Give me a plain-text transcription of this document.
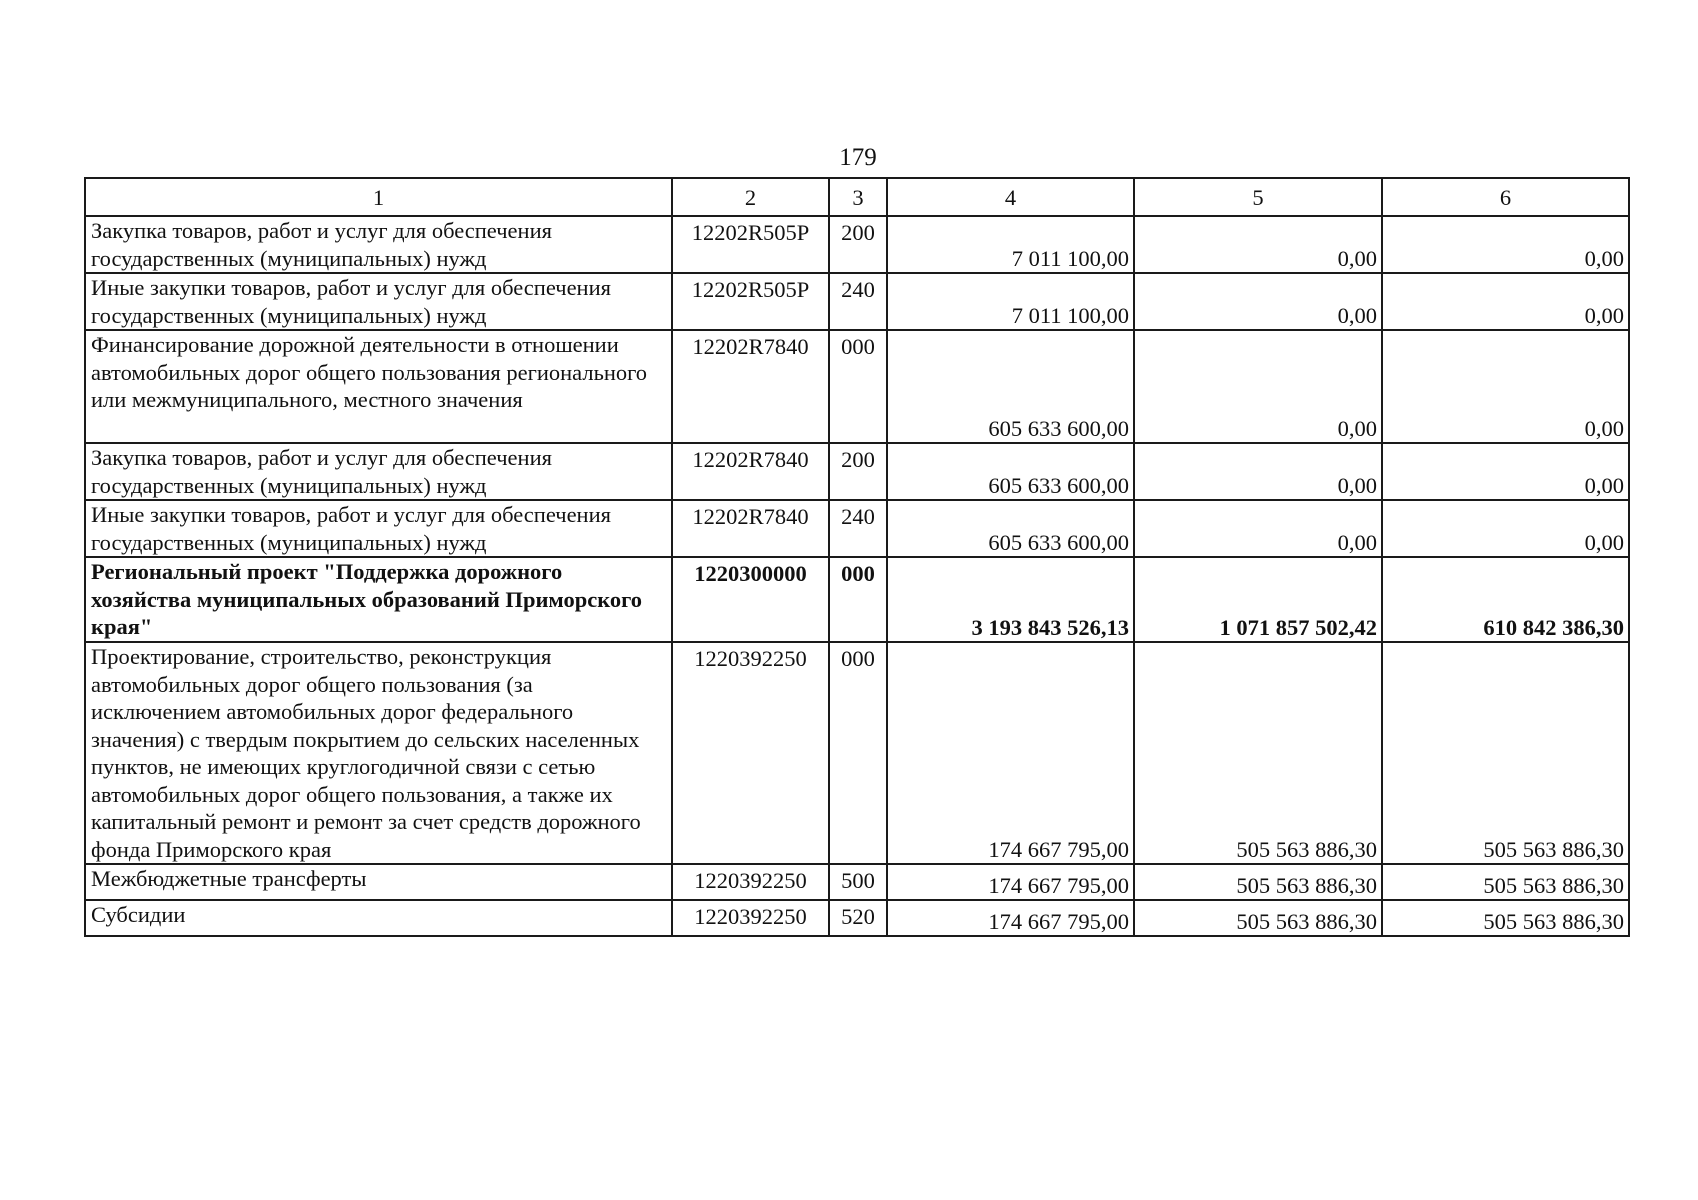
179
1	2	3	4	5	6
Закупка товаров, работ и услуг для обеспечения государственных (муниципальных) нужд	12202R505P	200	7 011 100,00	0,00	0,00
Иные закупки товаров, работ и услуг для обеспечения государственных (муниципальных) нужд	12202R505P	240	7 011 100,00	0,00	0,00
Финансирование дорожной деятельности в отношении автомобильных дорог общего пользования регионального или межмуниципального, местного значения	12202R7840	000	605 633 600,00	0,00	0,00
Закупка товаров, работ и услуг для обеспечения государственных (муниципальных) нужд	12202R7840	200	605 633 600,00	0,00	0,00
Иные закупки товаров, работ и услуг для обеспечения государственных (муниципальных) нужд	12202R7840	240	605 633 600,00	0,00	0,00
Региональный проект "Поддержка дорожного хозяйства муниципальных образований Приморского края"	1220300000	000	3 193 843 526,13	1 071 857 502,42	610 842 386,30
Проектирование, строительство, реконструкция автомобильных дорог общего пользования (за исключением автомобильных дорог федерального значения) с твердым покрытием до сельских населенных пунктов, не имеющих круглогодичной связи с сетью автомобильных дорог общего пользования, а также их капитальный ремонт и ремонт за счет средств дорожного фонда Приморского края	1220392250	000	174 667 795,00	505 563 886,30	505 563 886,30
Межбюджетные трансферты	1220392250	500	174 667 795,00	505 563 886,30	505 563 886,30
Субсидии	1220392250	520	174 667 795,00	505 563 886,30	505 563 886,30
